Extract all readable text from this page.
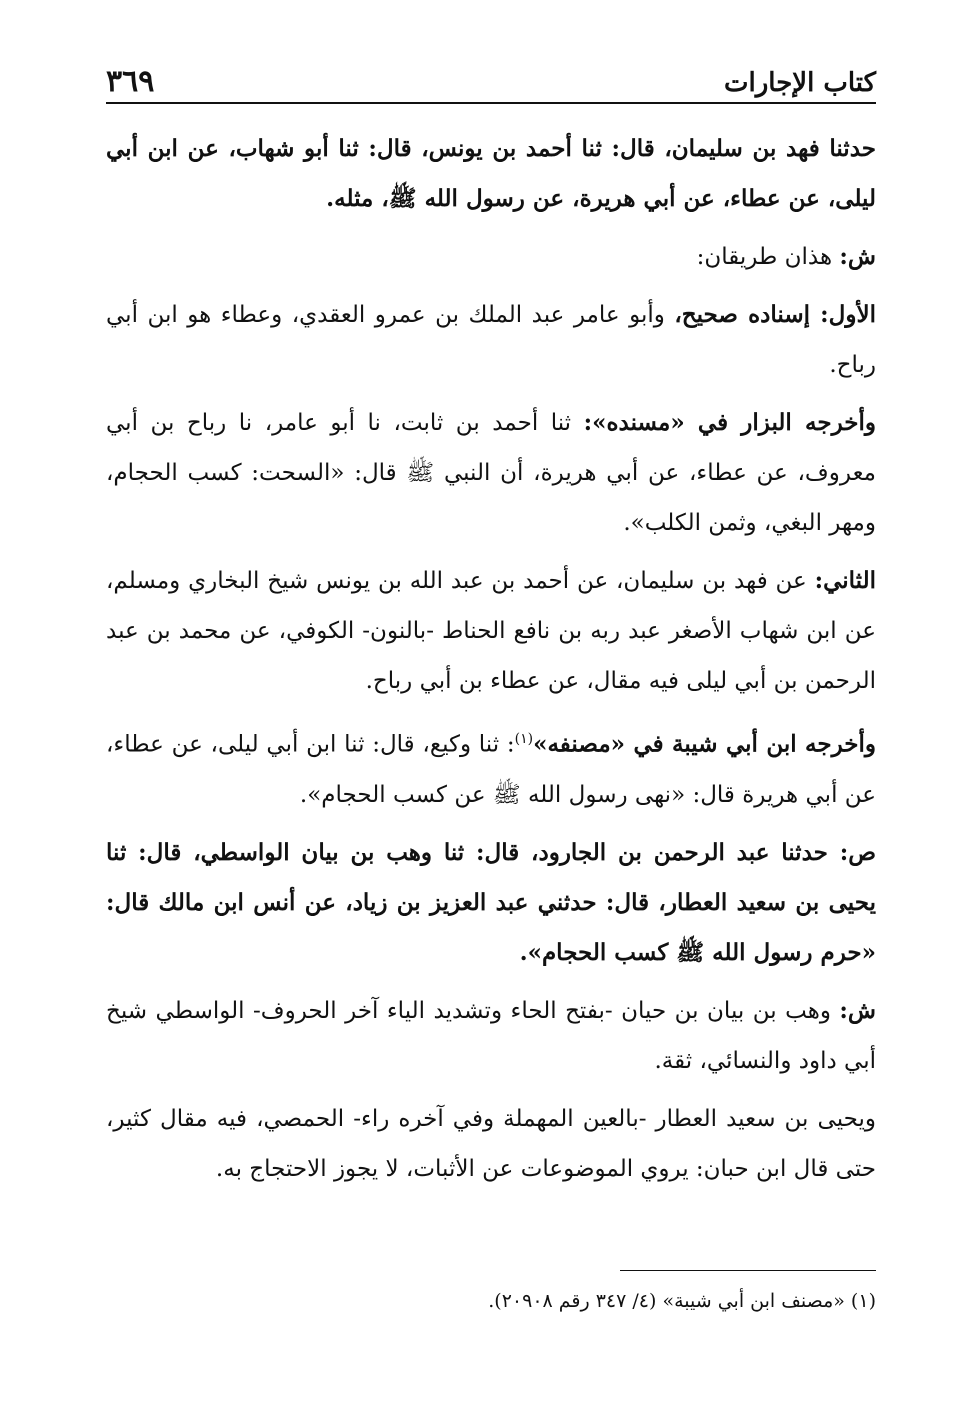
كتاب الإجارات
٣٦٩

حدثنا فهد بن سليمان، قال: ثنا أحمد بن يونس، قال: ثنا أبو شهاب، عن ابن أبي ليلى، عن عطاء، عن أبي هريرة، عن رسول الله ﷺ، مثله.

ش: هذان طريقان:

الأول: إسناده صحيح، وأبو عامر عبد الملك بن عمرو العقدي، وعطاء هو ابن أبي رباح.

وأخرجه البزار في «مسنده»: ثنا أحمد بن ثابت، نا أبو عامر، نا رباح بن أبي معروف، عن عطاء، عن أبي هريرة، أن النبي ﷺ قال: «السحت: كسب الحجام، ومهر البغي، وثمن الكلب».

الثاني: عن فهد بن سليمان، عن أحمد بن عبد الله بن يونس شيخ البخاري ومسلم، عن ابن شهاب الأصغر عبد ربه بن نافع الحناط -بالنون- الكوفي، عن محمد بن عبد الرحمن بن أبي ليلى فيه مقال، عن عطاء بن أبي رباح.

وأخرجه ابن أبي شيبة في «مصنفه»$^{(١)}$: ثنا وكيع، قال: ثنا ابن أبي ليلى، عن عطاء، عن أبي هريرة قال: «نهى رسول الله ﷺ عن كسب الحجام».

ص: حدثنا عبد الرحمن بن الجارود، قال: ثنا وهب بن بيان الواسطي، قال: ثنا يحيى بن سعيد العطار، قال: حدثني عبد العزيز بن زياد، عن أنس ابن مالك قال: «حرم رسول الله ﷺ كسب الحجام».

ش: وهب بن بيان بن حيان -بفتح الحاء وتشديد الياء آخر الحروف- الواسطي شيخ أبي داود والنسائي، ثقة.

ويحيى بن سعيد العطار -بالعين المهملة وفي آخره راء- الحمصي، فيه مقال كثير، حتى قال ابن حبان: يروي الموضوعات عن الأثبات، لا يجوز الاحتجاج به.

(١) «مصنف ابن أبي شيبة» (٤/ ٣٤٧ رقم ٢٠٩٠٨).
